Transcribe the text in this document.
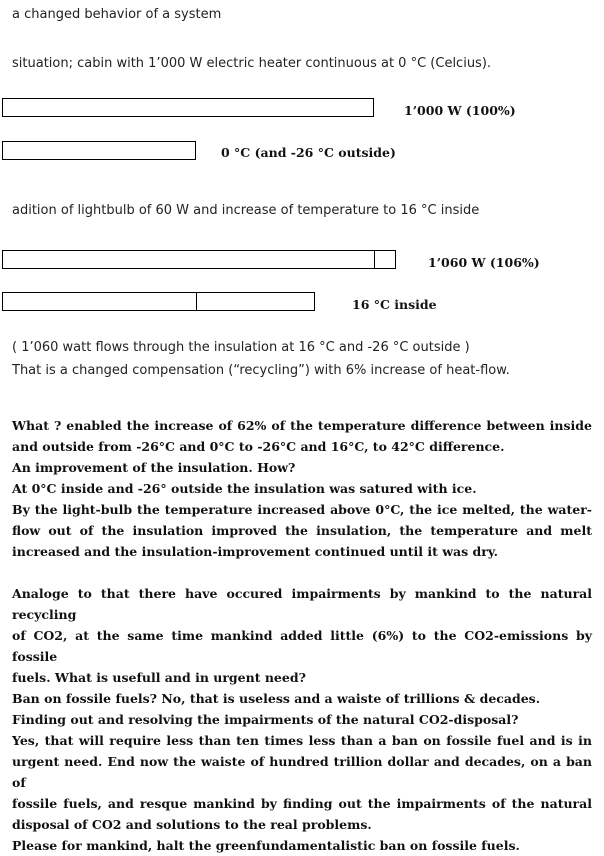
a changed behavior of a system
situation; cabin with 1’000 W electric heater continuous at 0 °C (Celcius).
1’000 W (100%)
0 °C (and -26 °C outside)
adition of lightbulb of 60 W and increase of temperature to 16 °C inside
1’060 W (106%)
16 °C inside
( 1’060 watt flows through the insulation at 16 °C and -26 °C outside )
That is a changed compensation (“recycling”) with 6% increase of heat-flow.
What ? enabled the increase of 62% of the temperature difference between inside
and outside from -26°C and 0°C to -26°C and 16°C, to 42°C difference.
An improvement of the insulation. How?
At 0°C inside and -26° outside the insulation was satured with ice.
By the light-bulb the temperature increased above 0°C, the ice melted, the water-
flow out of the insulation improved the insulation, the temperature and melt
increased and the insulation-improvement continued until it was dry.
Analoge to that there have occured impairments by mankind to the natural recycling
of CO2, at the same time mankind added little (6%) to the CO2-emissions by fossile
fuels. What is usefull and in urgent need?
Ban on fossile fuels? No, that is useless and a waiste of trillions & decades.
Finding out and resolving the impairments of the natural CO2-disposal?
Yes, that will require less than ten times less than a ban on fossile fuel and is in
urgent need. End now the waiste of hundred trillion dollar and decades, on a ban of
fossile fuels, and resque mankind by finding out the impairments of the natural
disposal of CO2 and solutions to the real problems.
Please for mankind, halt the greenfundamentalistic ban on fossile fuels.
